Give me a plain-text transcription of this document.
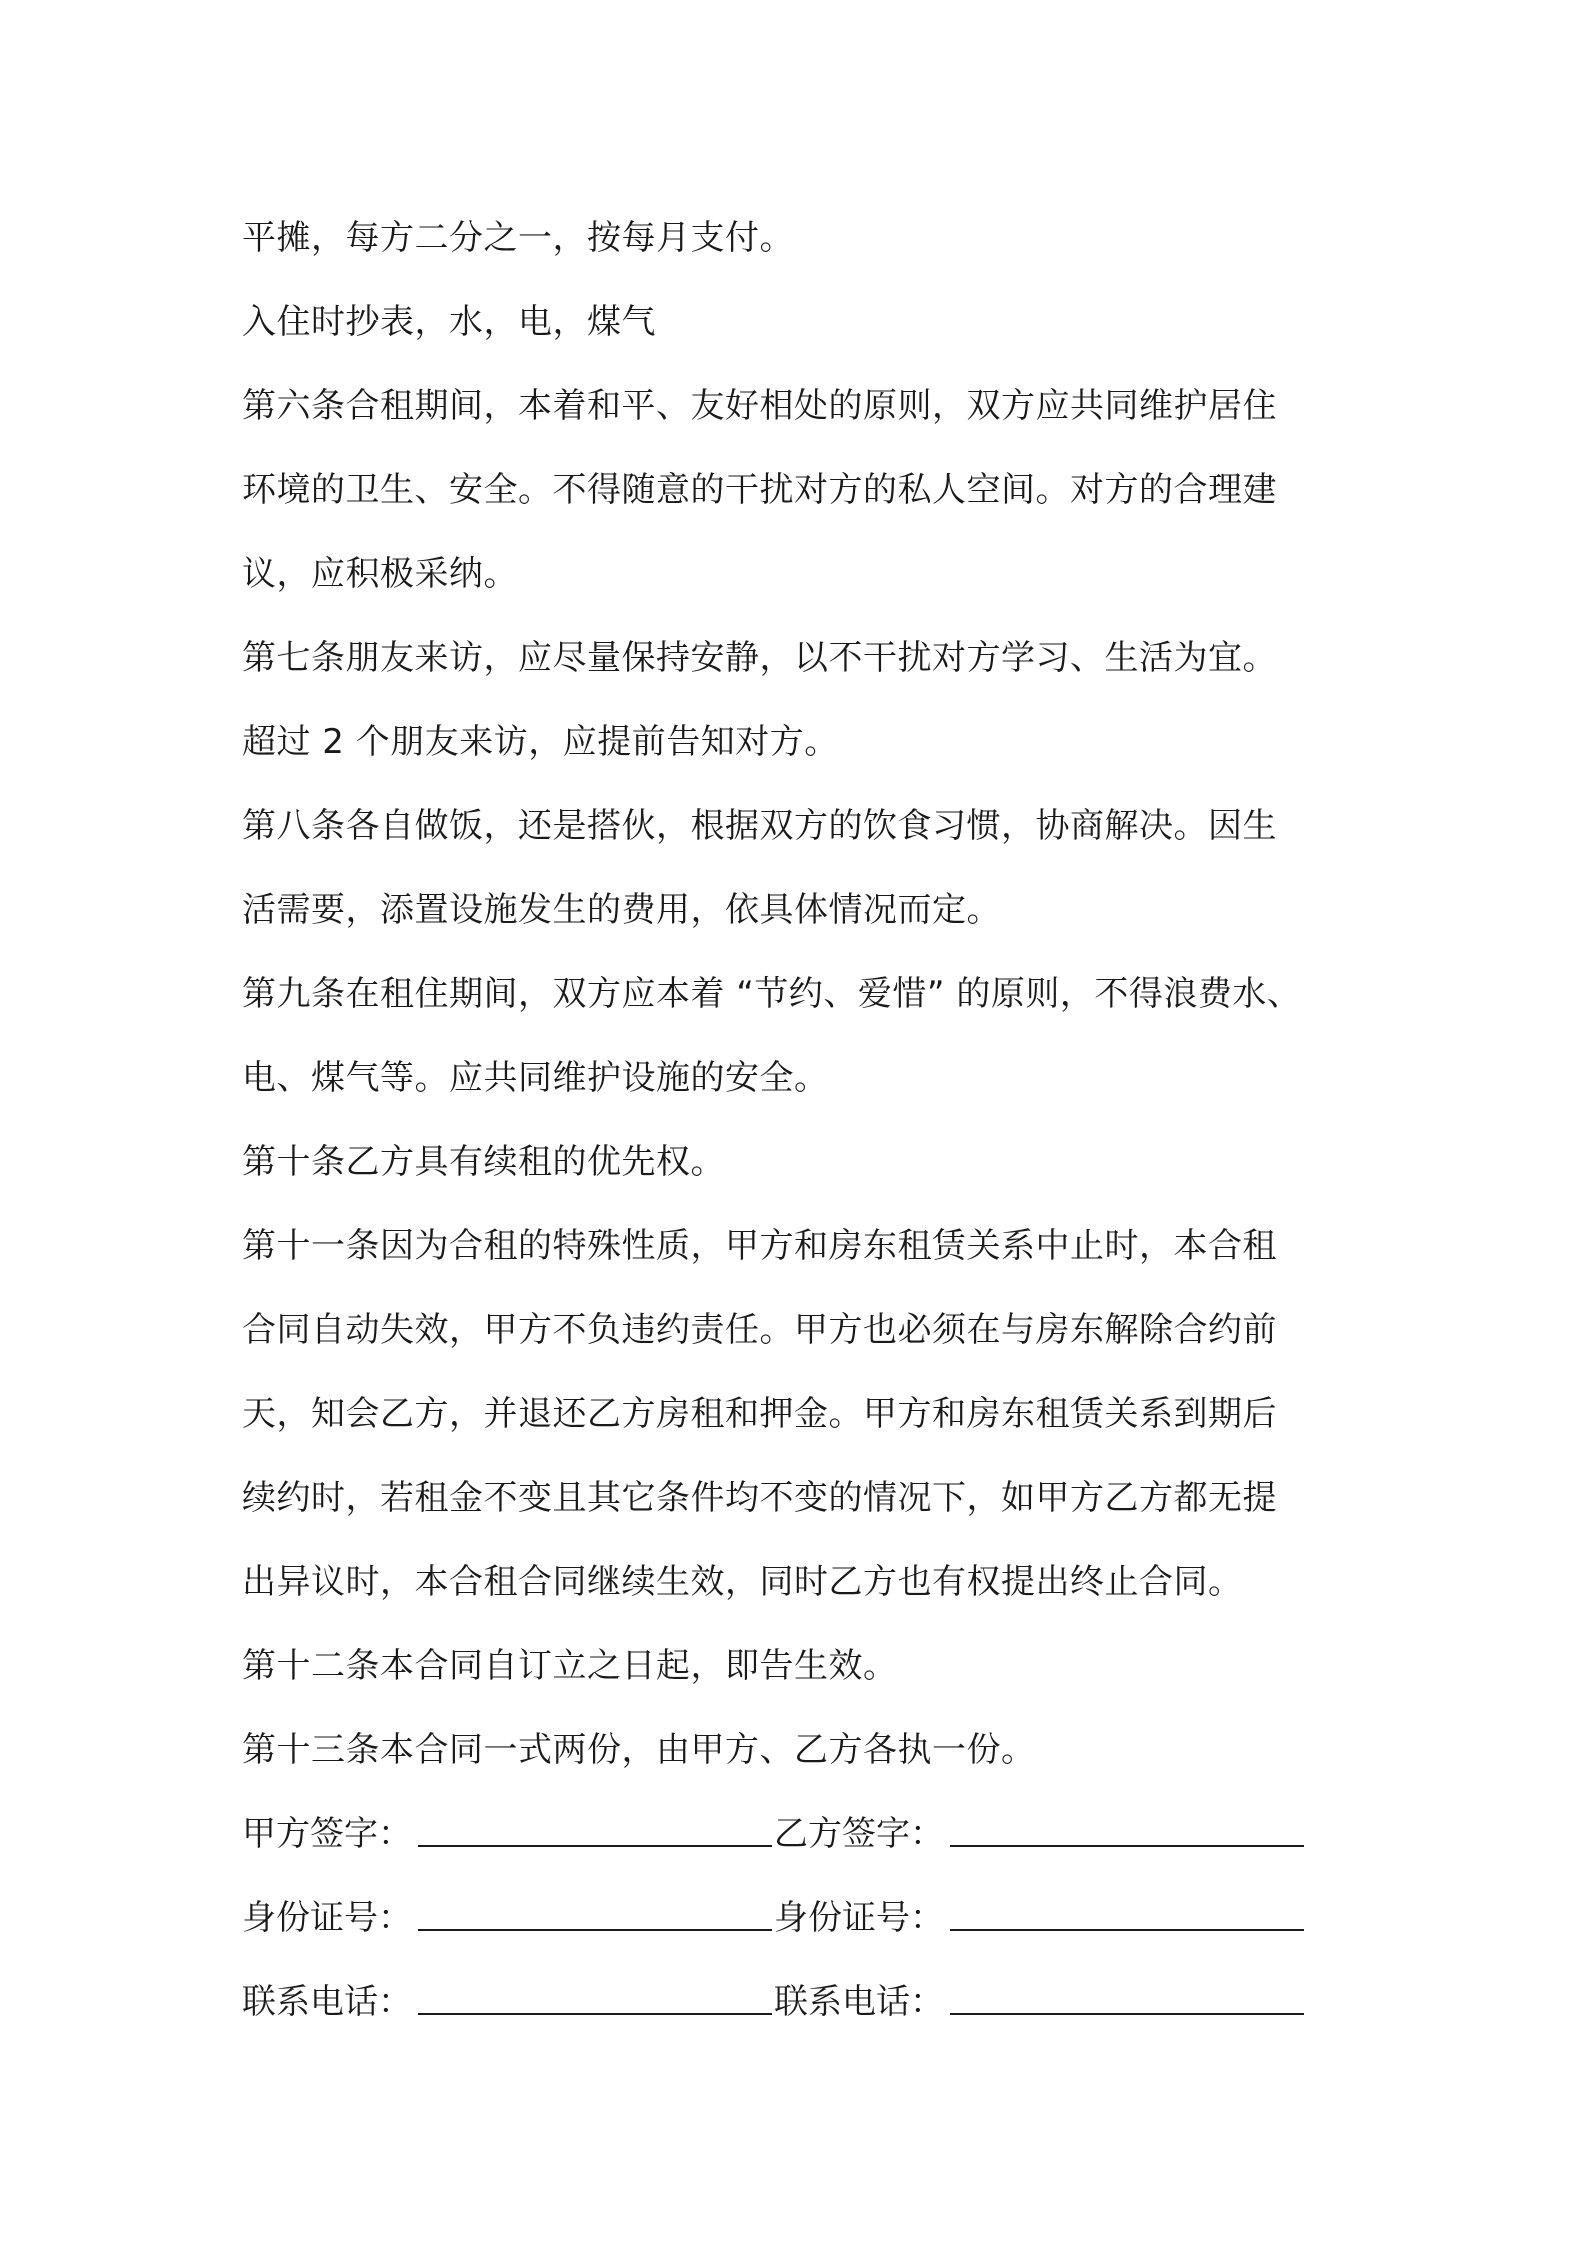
平摊，每方二分之一，按每月支付。
入住时抄表，水，电，煤气
第六条合租期间，本着和平、友好相处的原则，双方应共同维护居住
环境的卫生、安全。不得随意的干扰对方的私人空间。对方的合理建
议，应积极采纳。
第七条朋友来访，应尽量保持安静，以不干扰对方学习、生活为宜。
超过 2 个朋友来访，应提前告知对方。
第八条各自做饭，还是搭伙，根据双方的饮食习惯，协商解决。因生
活需要，添置设施发生的费用，依具体情况而定。
第九条在租住期间，双方应本着 “节约、爱惜” 的原则，不得浪费水、
电、煤气等。应共同维护设施的安全。
第十条乙方具有续租的优先权。
第十一条因为合租的特殊性质，甲方和房东租赁关系中止时，本合租
合同自动失效，甲方不负违约责任。甲方也必须在与房东解除合约前
天，知会乙方，并退还乙方房租和押金。甲方和房东租赁关系到期后
续约时，若租金不变且其它条件均不变的情况下，如甲方乙方都无提
出异议时，本合租合同继续生效，同时乙方也有权提出终止合同。
第十二条本合同自订立之日起，即告生效。
第十三条本合同一式两份，由甲方、乙方各执一份。
甲方签字：	乙方签字：
身份证号：	身份证号：
联系电话：	联系电话：
